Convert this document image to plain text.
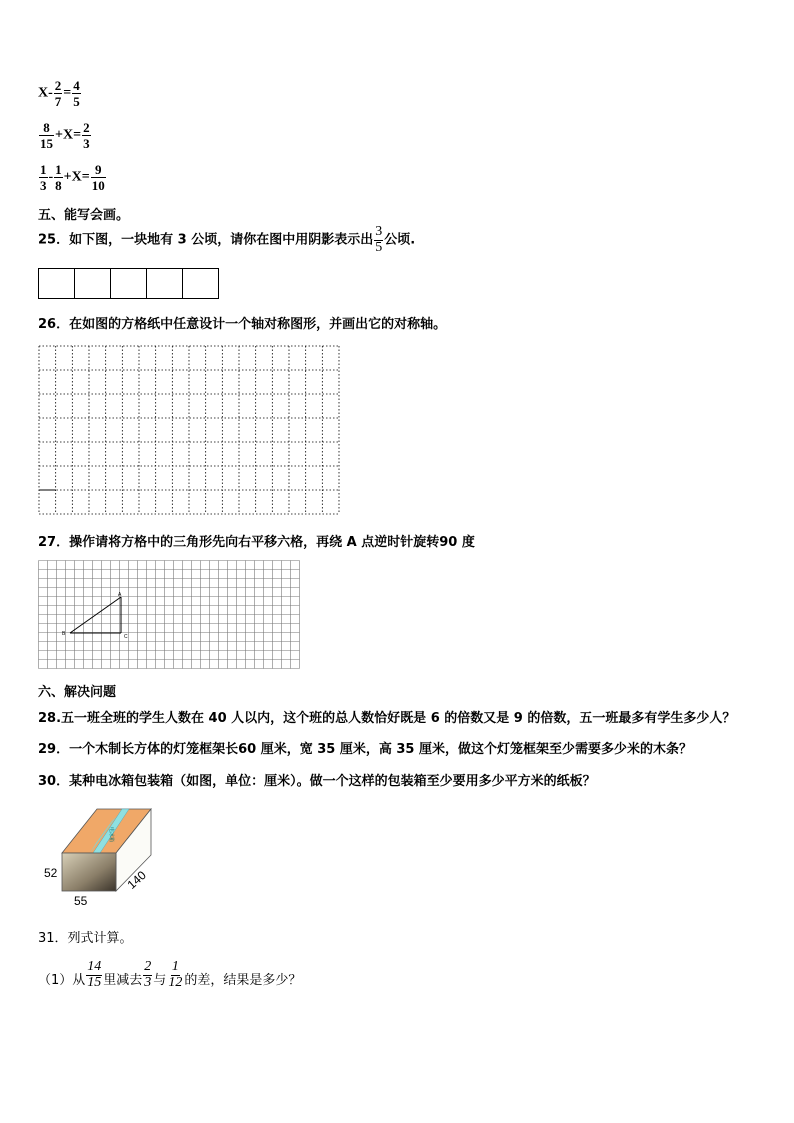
$X- \frac{2}{7} = \frac{4}{5}$
$\frac{8}{15} +X= \frac{2}{3}$
$\frac{1}{3} - \frac{1}{8} +X= \frac{9}{10}$
五、能写会画。
25．如下图，一块地有 3 公顷，请你在图中用阴影表示出 $\frac{3}{5}$ 公顷.
26．在如图的方格纸中任意设计一个轴对称图形，并画出它的对称轴。
27．操作请将方格中的三角形先向右平移六格，再绕 A 点逆时针旋转90 度
A
B	C
六、解决问题
28.五一班全班的学生人数在 40 人以内，这个班的总人数恰好既是 6 的倍数又是 9 的倍数，五一班最多有学生多少人？
29．一个木制长方体的灯笼框架长60 厘米，宽 35 厘米，高 35 厘米，做这个灯笼框架至少需要多少米的木条？
30．某种电冰箱包装箱（如图，单位：厘米）。做一个这样的包装箱至少要用多少平方米的纸板？
电冰箱
52
55
140
31．列式计算。
（1）从 $\frac{14}{15}$ 里减去 $\frac{2}{3}$ 与 $\frac{1}{12}$ 的差，结果是多少？
